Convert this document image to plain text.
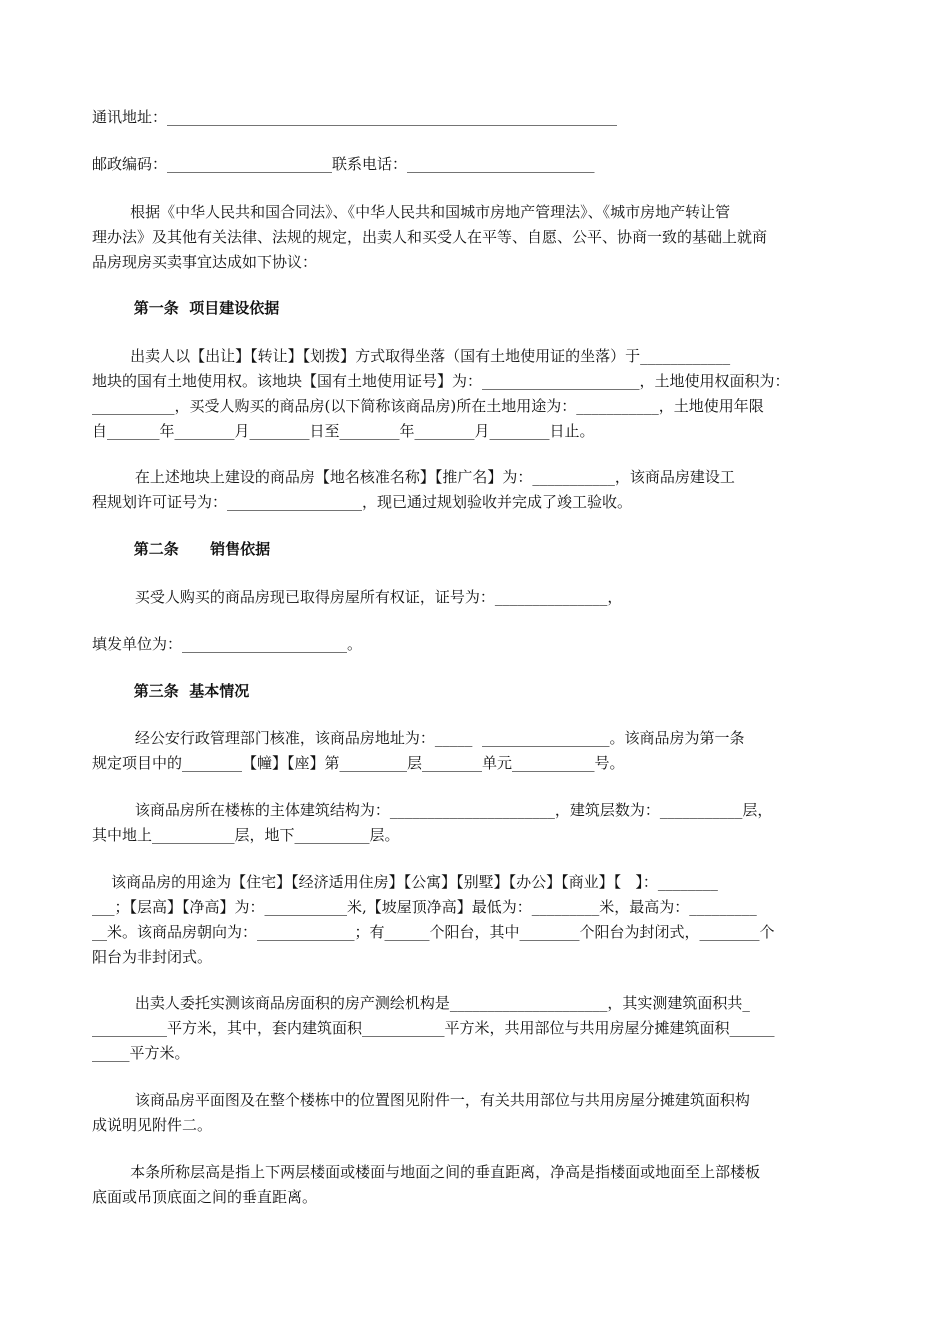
通讯地址：____________________________________________________________
邮政编码：______________________联系电话：_________________________
根据《中华人民共和国合同法》、《中华人民共和国城市房地产管理法》、《城市房地产转让管
理办法》及其他有关法律、法规的规定，出卖人和买受人在平等、自愿、公平、协商一致的基础上就商
品房现房买卖事宜达成如下协议：
第一条  项目建设依据
出卖人以【出让】【转让】【划拨】方式取得坐落（国有土地使用证的坐落）于____________
地块的国有土地使用权。该地块【国有土地使用证号】为：_____________________，土地使用权面积为：
___________，买受人购买的商品房(以下简称该商品房)所在土地用途为：___________，土地使用年限
自_______年________月________日至________年________月________日止。
在上述地块上建设的商品房【地名核准名称】【推广名】为：___________，该商品房建设工
程规划许可证号为：__________________，现已通过规划验收并完成了竣工验收。
第二条      销售依据
买受人购买的商品房现已取得房屋所有权证，证号为：_______________，
填发单位为：______________________。
第三条  基本情况
经公安行政管理部门核准，该商品房地址为：_____  _________________。该商品房为第一条
规定项目中的________【幢】【座】第_________层________单元___________号。
该商品房所在楼栋的主体建筑结构为：______________________，建筑层数为：___________层，
其中地上___________层，地下__________层。
该商品房的用途为【住宅】【经济适用住房】【公寓】【别墅】【办公】【商业】【   】：________
___；【层高】【净高】为：___________米,【坡屋顶净高】最低为：_________米，最高为：_________
__米。该商品房朝向为：_____________；有______个阳台，其中________个阳台为封闭式，________个
阳台为非封闭式。
出卖人委托实测该商品房面积的房产测绘机构是_____________________，其实测建筑面积共_
__________平方米，其中，套内建筑面积___________平方米，共用部位与共用房屋分摊建筑面积______
_____平方米。
该商品房平面图及在整个楼栋中的位置图见附件一，有关共用部位与共用房屋分摊建筑面积构
成说明见附件二。
本条所称层高是指上下两层楼面或楼面与地面之间的垂直距离，净高是指楼面或地面至上部楼板
底面或吊顶底面之间的垂直距离。
